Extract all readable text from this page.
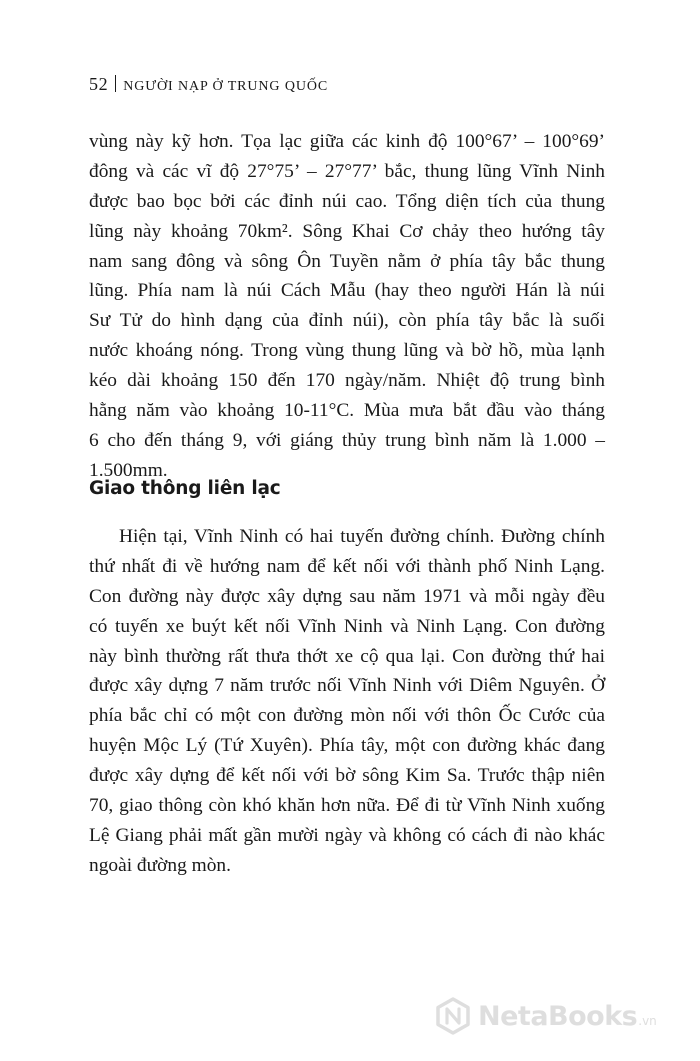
52 NGƯỜI NẠP Ở TRUNG QUỐC
vùng này kỹ hơn. Tọa lạc giữa các kinh độ 100°67’ – 100°69’
đông và các vĩ độ 27°75’ – 27°77’ bắc, thung lũng Vĩnh Ninh
được bao bọc bởi các đỉnh núi cao. Tổng diện tích của thung
lũng này khoảng 70km². Sông Khai Cơ chảy theo hướng tây
nam sang đông và sông Ôn Tuyền nằm ở phía tây bắc thung
lũng. Phía nam là núi Cách Mẫu (hay theo người Hán là núi
Sư Tử do hình dạng của đỉnh núi), còn phía tây bắc là suối
nước khoáng nóng. Trong vùng thung lũng và bờ hồ, mùa lạnh
kéo dài khoảng 150 đến 170 ngày/năm. Nhiệt độ trung bình
hằng năm vào khoảng 10-11°C. Mùa mưa bắt đầu vào tháng
6 cho đến tháng 9, với giáng thủy trung bình năm là 1.000 –
1.500mm.
Giao thông liên lạc
Hiện tại, Vĩnh Ninh có hai tuyến đường chính. Đường chính
thứ nhất đi về hướng nam để kết nối với thành phố Ninh Lạng.
Con đường này được xây dựng sau năm 1971 và mỗi ngày đều
có tuyến xe buýt kết nối Vĩnh Ninh và Ninh Lạng. Con đường
này bình thường rất thưa thớt xe cộ qua lại. Con đường thứ hai
được xây dựng 7 năm trước nối Vĩnh Ninh với Diêm Nguyên. Ở
phía bắc chỉ có một con đường mòn nối với thôn Ốc Cước của
huyện Mộc Lý (Tứ Xuyên). Phía tây, một con đường khác đang
được xây dựng để kết nối với bờ sông Kim Sa. Trước thập niên
70, giao thông còn khó khăn hơn nữa. Để đi từ Vĩnh Ninh xuống
Lệ Giang phải mất gần mười ngày và không có cách đi nào khác
ngoài đường mòn.
NetaBooks .vn
